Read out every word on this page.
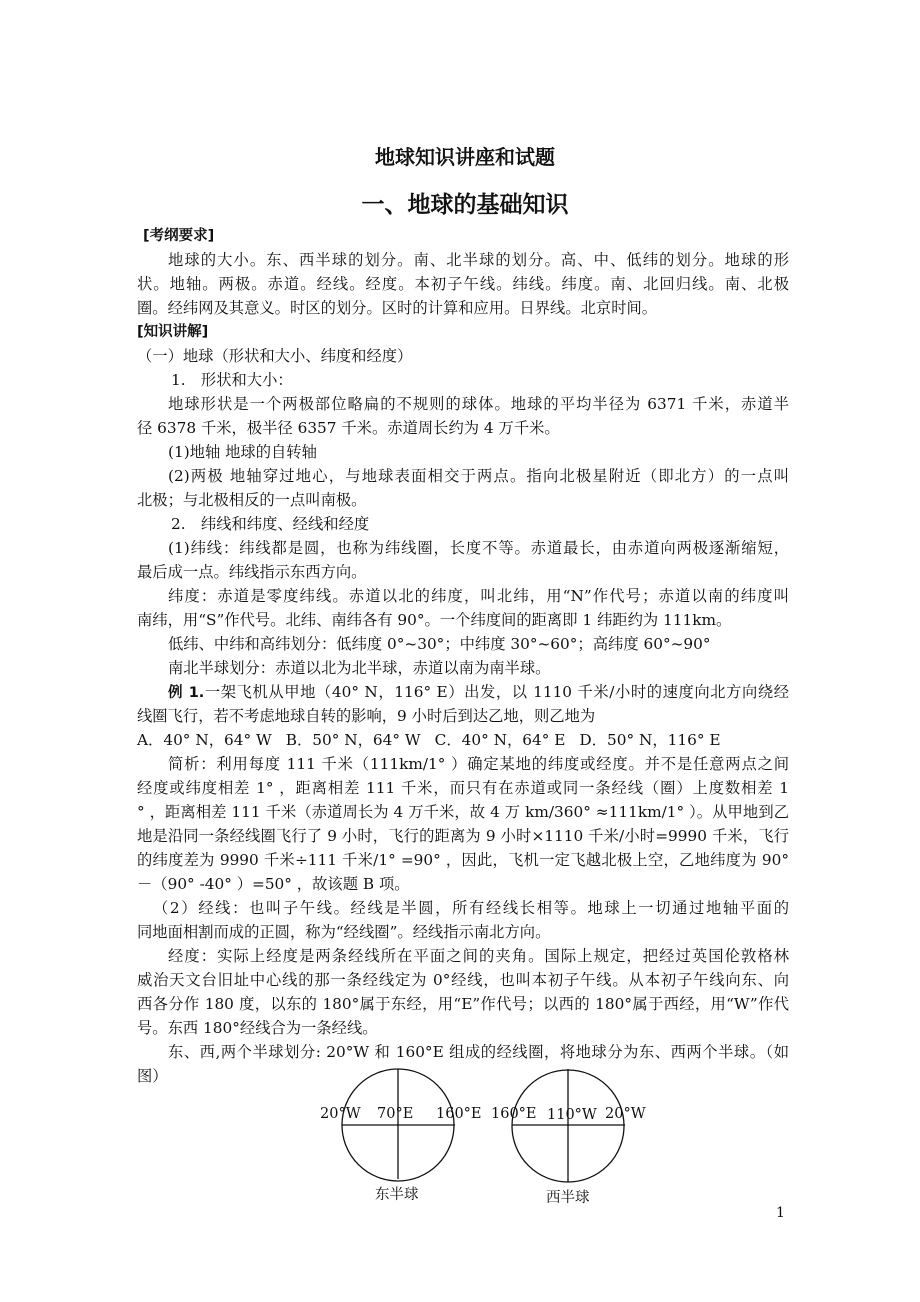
地球知识讲座和试题
一、地球的基础知识
[考纲要求]
地球的大小。东、西半球的划分。南、北半球的划分。高、中、低纬的划分。地球的形
状。地轴。两极。赤道。经线。经度。本初子午线。纬线。纬度。南、北回归线。南、北极
圈。经纬网及其意义。时区的划分。区时的计算和应用。日界线。北京时间。
[知识讲解]
（一）地球（形状和大小、纬度和经度）
1.　形状和大小：
地球形状是一个两极部位略扁的不规则的球体。地球的平均半径为 6371 千米，赤道半
径 6378 千米，极半径 6357 千米。赤道周长约为 4 万千米。
(1)地轴 地球的自转轴
(2)两极 地轴穿过地心，与地球表面相交于两点。指向北极星附近（即北方）的一点叫
北极；与北极相反的一点叫南极。
2.　纬线和纬度、经线和经度
(1)纬线：纬线都是圆，也称为纬线圈，长度不等。赤道最长，由赤道向两极逐渐缩短，
最后成一点。纬线指示东西方向。
纬度：赤道是零度纬线。赤道以北的纬度，叫北纬，用“N”作代号；赤道以南的纬度叫
南纬，用“S”作代号。北纬、南纬各有 90°。一个纬度间的距离即 1 纬距约为 111km。
低纬、中纬和高纬划分：低纬度 0°~30°；中纬度 30°~60°；高纬度 60°~90°
南北半球划分：赤道以北为北半球，赤道以南为南半球。
例 1.一架飞机从甲地（40° N，116° E）出发，以 1110 千米/小时的速度向北方向绕经
线圈飞行，若不考虑地球自转的影响，9 小时后到达乙地，则乙地为
A．40° N，64° W B．50° N，64° W C．40° N，64° E D．50° N，116° E
简析：利用每度 111 千米（111km/1° ）确定某地的纬度或经度。并不是任意两点之间
经度或纬度相差 1° ，距离相差 111 千米，而只有在赤道或同一条经线（圈）上度数相差 1
° ，距离相差 111 千米（赤道周长为 4 万千米，故 4 万 km/360° ≈111km/1° ）。从甲地到乙
地是沿同一条经线圈飞行了 9 小时，飞行的距离为 9 小时×1110 千米/小时=9990 千米，飞行
的纬度差为 9990 千米÷111 千米/1° =90° ，因此，飞机一定飞越北极上空，乙地纬度为 90°
－（90° -40° ）=50° ，故该题 B 项。
（2）经线：也叫子午线。经线是半圆，所有经线长相等。地球上一切通过地轴平面的
同地面相割而成的正圆，称为“经线圈”。经线指示南北方向。
经度：实际上经度是两条经线所在平面之间的夹角。国际上规定，把经过英国伦敦格林
威治天文台旧址中心线的那一条经线定为 0°经线，也叫本初子午线。从本初子午线向东、向
西各分作 180 度，以东的 180°属于东经，用“E”作代号；以西的 180°属于西经，用“W”作代
号。东西 180°经线合为一条经线。
东、西,两个半球划分: 20°W 和 160°E 组成的经线圈，将地球分为东、西两个半球。（如
图）
20°W 70°E 160°E
东半球
160°E 110°W 20°W
西半球
1
